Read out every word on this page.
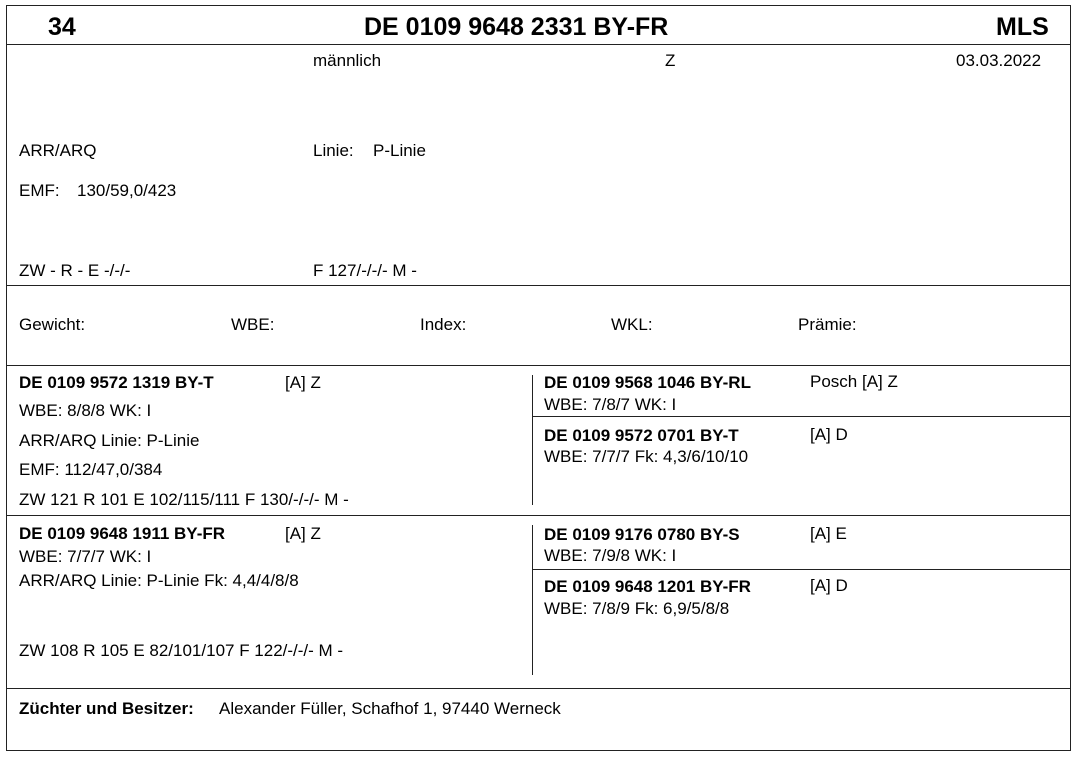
34	DE 0109 9648 2331 BY-FR	MLS
männlich	Z	03.03.2022
ARR/ARQ	Linie: P-Linie
EMF: 130/59,0/423
ZW - R - E -/-/-	F 127/-/-/- M -
Gewicht:	WBE:	Index:	WKL:	Prämie:
DE 0109 9572 1319 BY-T	[A] Z
WBE: 8/8/8 WK: I
ARR/ARQ Linie: P-Linie
EMF: 112/47,0/384
ZW 121 R 101 E 102/115/111 F 130/-/-/- M -
DE 0109 9568 1046 BY-RL	Posch [A] Z
WBE: 7/8/7 WK: I
DE 0109 9572 0701 BY-T	[A] D
WBE: 7/7/7 Fk: 4,3/6/10/10
DE 0109 9648 1911 BY-FR	[A] Z
WBE: 7/7/7 WK: I
ARR/ARQ Linie: P-Linie Fk: 4,4/4/8/8
ZW 108 R 105 E 82/101/107 F 122/-/-/- M -
DE 0109 9176 0780 BY-S	[A] E
WBE: 7/9/8 WK: I
DE 0109 9648 1201 BY-FR	[A] D
WBE: 7/8/9 Fk: 6,9/5/8/8
Züchter und Besitzer: Alexander Füller, Schafhof 1, 97440 Werneck
